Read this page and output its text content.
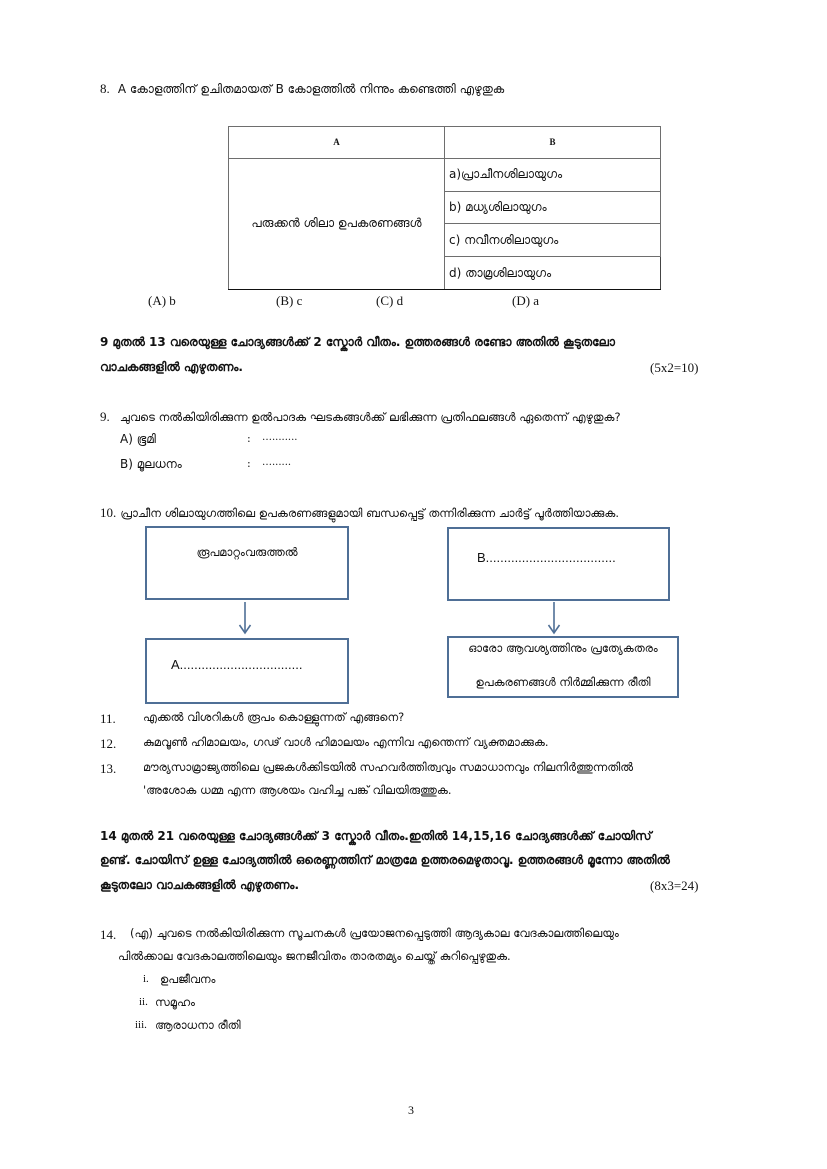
8. A കോളത്തിന് ഉചിതമായത് B കോളത്തിൽ നിന്നും കണ്ടെത്തി എഴുതുക
A	B
പരുക്കൻ ശിലാ ഉപകരണങ്ങൾ	a)പ്രാചീനശിലായുഗം
	b) മധ്യശിലായുഗം
	c) നവീനശിലായുഗം
	d) താമ്രശിലായുഗം
(A) b	(B) c	(C) d	(D) a
9 മുതൽ 13 വരെയുള്ള ചോദ്യങ്ങൾക്ക് 2 സ്കോർ വീതം. ഉത്തരങ്ങൾ രണ്ടോ അതിൽ കൂടുതലോ
വാചകങ്ങളിൽ എഴുതണം.	(5x2=10)
9. ചുവടെ നൽകിയിരിക്കുന്ന ഉൽപാദക ഘടകങ്ങൾക്ക് ലഭിക്കുന്ന പ്രതിഫലങ്ങൾ ഏതെന്ന് എഴുതുക?
A) ഭൂമി	: …........
B) മൂലധനം	: …......
10. പ്രാചീന ശിലായുഗത്തിലെ ഉപകരണങ്ങളുമായി ബന്ധപ്പെട്ട് തന്നിരിക്കുന്ന ചാർട്ട് പൂർത്തിയാക്കുക.
രൂപമാറ്റംവരുത്തൽ
A..................................
B....................................
ഓരോ ആവശ്യത്തിനും പ്രത്യേകതരം
ഉപകരണങ്ങൾ നിർമ്മിക്കുന്ന രീതി
11. എക്കൽ വിശറികൾ രൂപം കൊള്ളുന്നത് എങ്ങനെ?
12. കുമവൂൺ ഹിമാലയം, ഗഢ് വാൾ ഹിമാലയം എന്നിവ എന്തെന്ന് വ്യക്തമാക്കുക.
13. മൗര്യസാമ്രാജ്യത്തിലെ പ്രജകൾക്കിടയിൽ സഹവർത്തിത്വവും സമാധാനവും നിലനിർത്തുന്നതിൽ
'അശോക ധമ്മ എന്ന ആശയം വഹിച്ച പങ്ക് വിലയിരുത്തുക.
14 മുതൽ 21 വരെയുള്ള ചോദ്യങ്ങൾക്ക് 3 സ്കോർ വീതം.ഇതിൽ 14,15,16 ചോദ്യങ്ങൾക്ക് ചോയിസ്
ഉണ്ട്. ചോയിസ് ഉള്ള ചോദ്യത്തിൽ ഒരെണ്ണത്തിന് മാത്രമേ ഉത്തരമെഴുതാവൂ. ഉത്തരങ്ങൾ മൂന്നോ അതിൽ
കൂടുതലോ വാചകങ്ങളിൽ എഴുതണം.	(8x3=24)
14. (എ) ചുവടെ നൽകിയിരിക്കുന്ന സൂചനകൾ പ്രയോജനപ്പെടുത്തി ആദ്യകാല വേദകാലത്തിലെയും
പിൽക്കാല വേദകാലത്തിലെയും ജനജീവിതം താരതമ്യം ചെയ്ത് കുറിപ്പെഴുതുക.
i. ഉപജീവനം
ii. സമൂഹം
iii. ആരാധനാ രീതി
3
